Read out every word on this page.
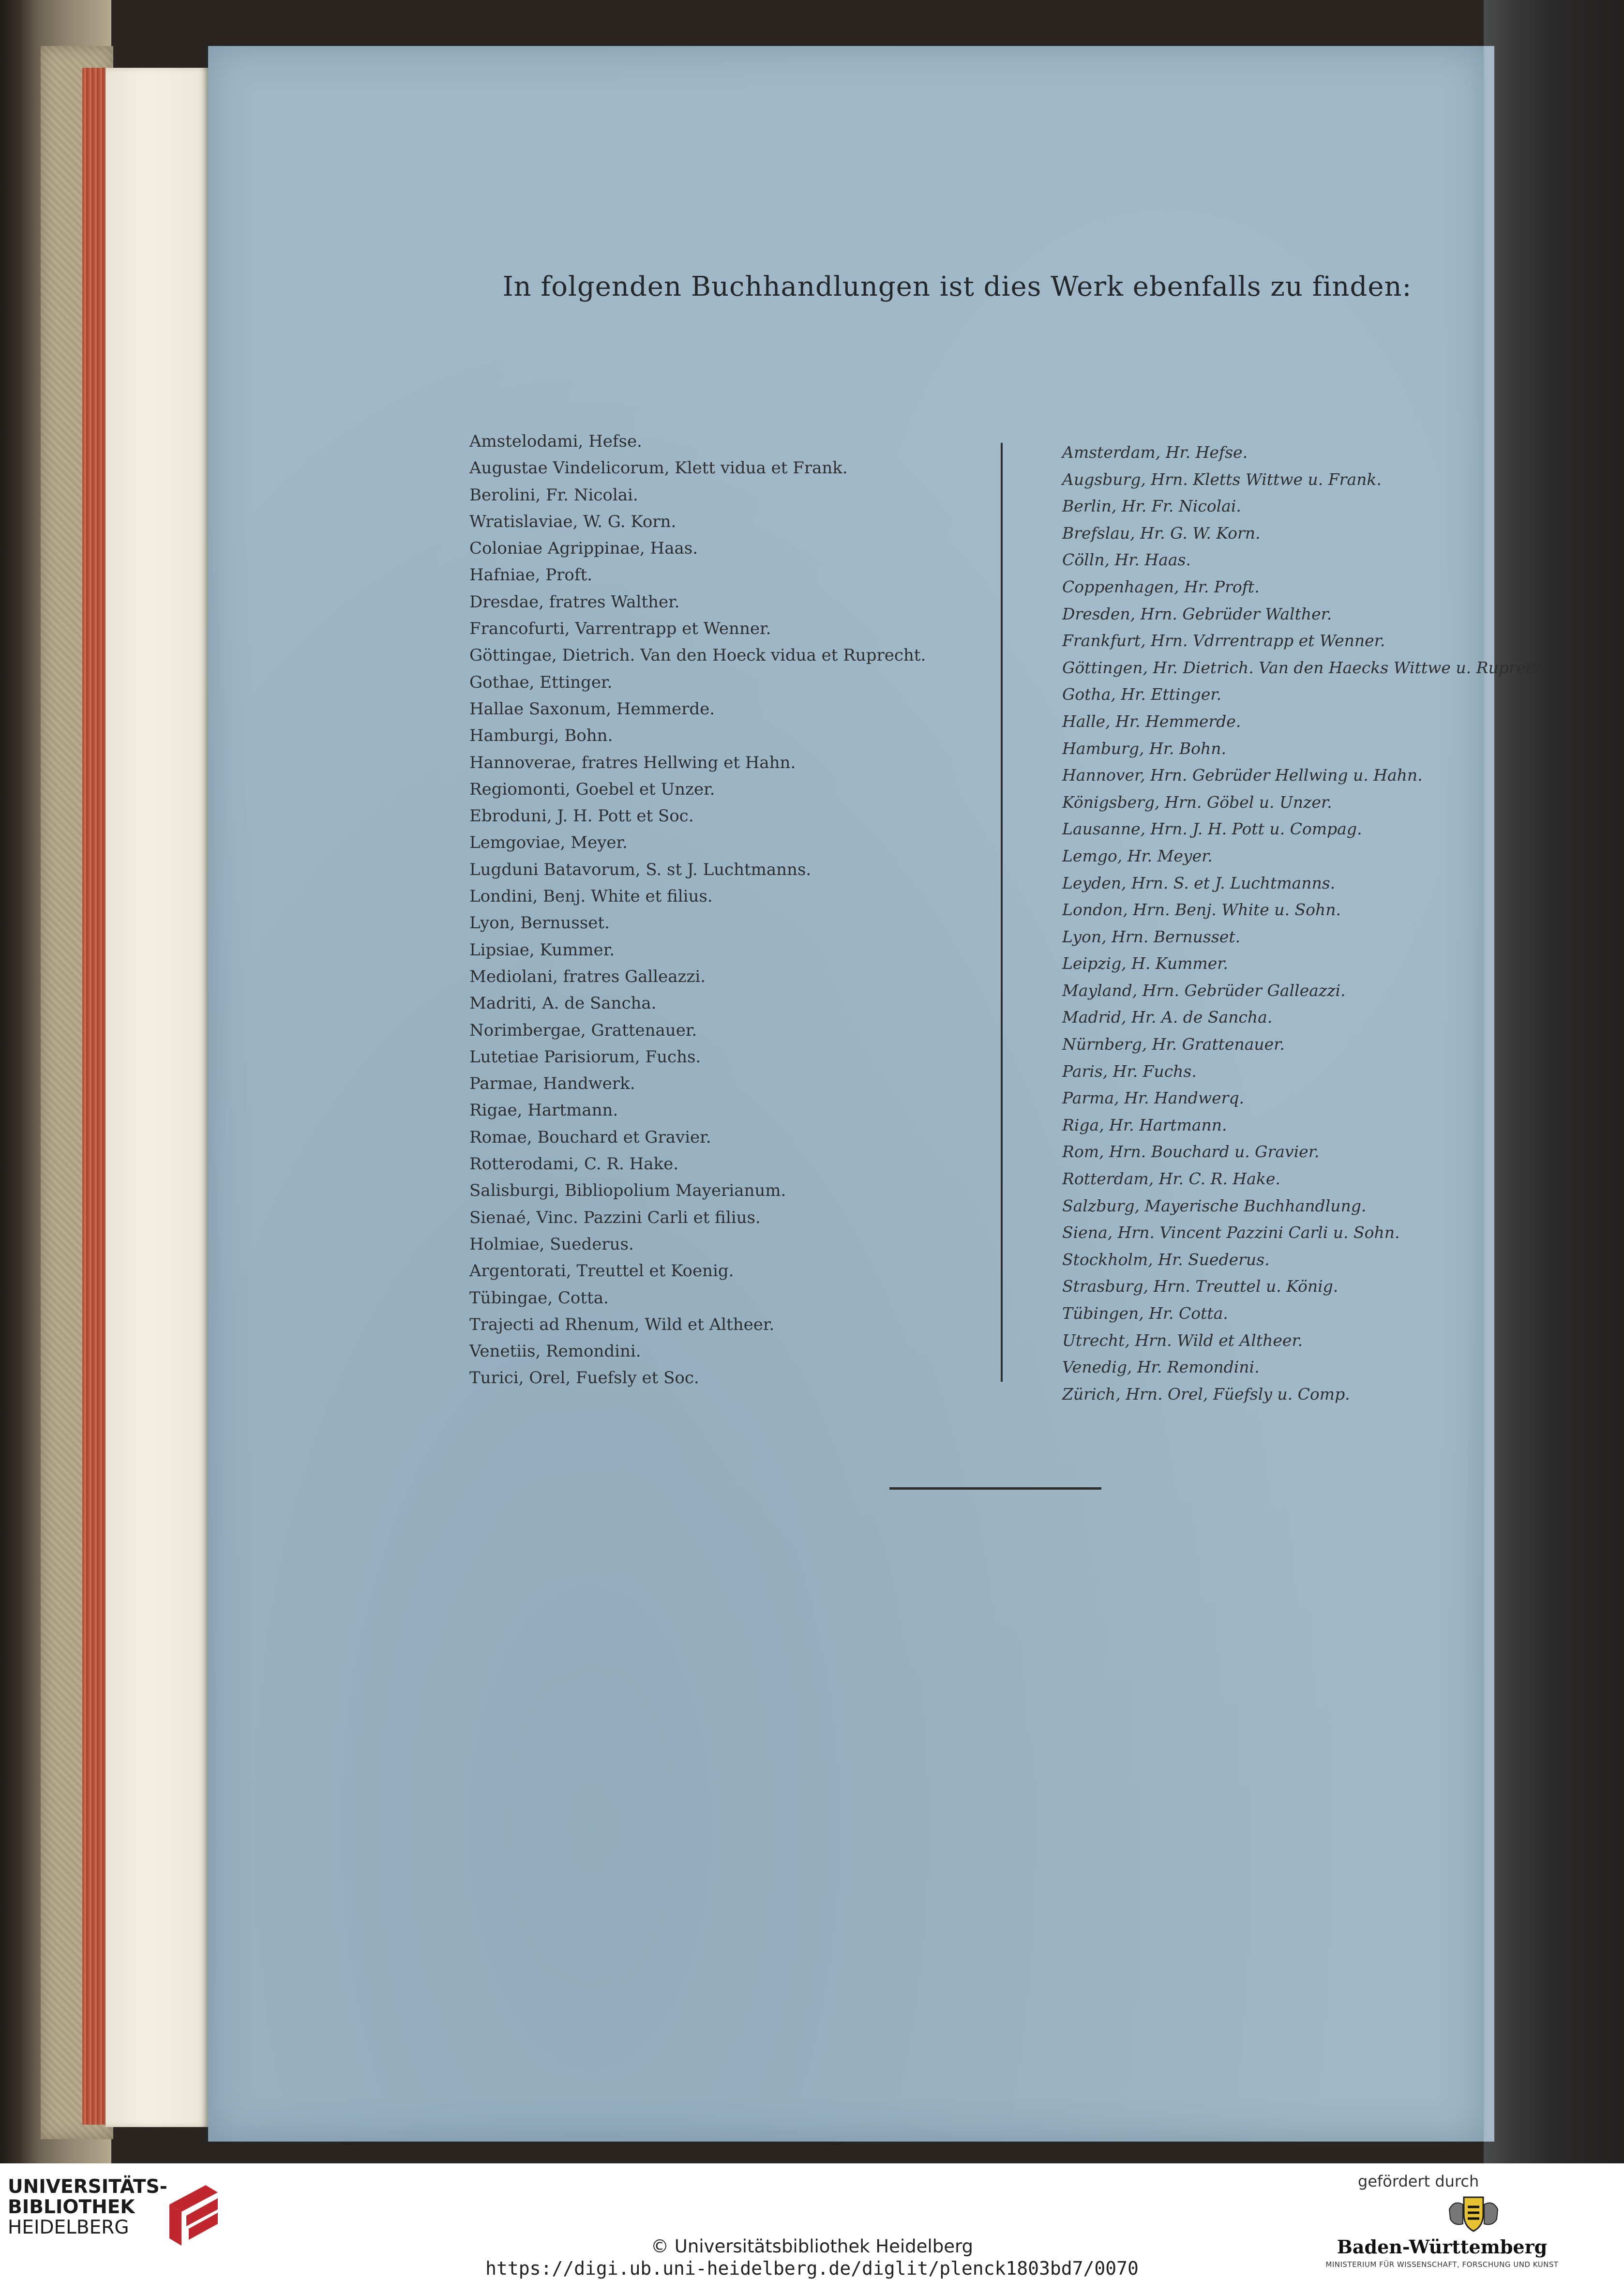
In folgenden Buchhandlungen ist dies Werk ebenfalls zu finden:
Amstelodami, Hefse.
Augustae Vindelicorum, Klett vidua et Frank.
Berolini, Fr. Nicolai.
Wratislaviae, W. G. Korn.
Coloniae Agrippinae, Haas.
Hafniae, Proft.
Dresdae, fratres Walther.
Francofurti, Varrentrapp et Wenner.
Göttingae, Dietrich. Van den Hoeck vidua et Ruprecht.
Gothae, Ettinger.
Hallae Saxonum, Hemmerde.
Hamburgi, Bohn.
Hannoverae, fratres Hellwing et Hahn.
Regiomonti, Goebel et Unzer.
Ebroduni, J. H. Pott et Soc.
Lemgoviae, Meyer.
Lugduni Batavorum, S. st J. Luchtmanns.
Londini, Benj. White et filius.
Lyon, Bernusset.
Lipsiae, Kummer.
Mediolani, fratres Galleazzi.
Madriti, A. de Sancha.
Norimbergae, Grattenauer.
Lutetiae Parisiorum, Fuchs.
Parmae, Handwerk.
Rigae, Hartmann.
Romae, Bouchard et Gravier.
Rotterodami, C. R. Hake.
Salisburgi, Bibliopolium Mayerianum.
Sienaé, Vinc. Pazzini Carli et filius.
Holmiae, Suederus.
Argentorati, Treuttel et Koenig.
Tübingae, Cotta.
Trajecti ad Rhenum, Wild et Altheer.
Venetiis, Remondini.
Turici, Orel, Fuefsly et Soc.
Amsterdam, Hr. Hefse.
Augsburg, Hrn. Kletts Wittwe u. Frank.
Berlin, Hr. Fr. Nicolai.
Brefslau, Hr. G. W. Korn.
Cölln, Hr. Haas.
Coppenhagen, Hr. Proft.
Dresden, Hrn. Gebrüder Walther.
Frankfurt, Hrn. Vdrrentrapp et Wenner.
Göttingen, Hr. Dietrich. Van den Haecks Wittwe u. Ruprecht.
Gotha, Hr. Ettinger.
Halle, Hr. Hemmerde.
Hamburg, Hr. Bohn.
Hannover, Hrn. Gebrüder Hellwing u. Hahn.
Königsberg, Hrn. Göbel u. Unzer.
Lausanne, Hrn. J. H. Pott u. Compag.
Lemgo, Hr. Meyer.
Leyden, Hrn. S. et J. Luchtmanns.
London, Hrn. Benj. White u. Sohn.
Lyon, Hrn. Bernusset.
Leipzig, H. Kummer.
Mayland, Hrn. Gebrüder Galleazzi.
Madrid, Hr. A. de Sancha.
Nürnberg, Hr. Grattenauer.
Paris, Hr. Fuchs.
Parma, Hr. Handwerq.
Riga, Hr. Hartmann.
Rom, Hrn. Bouchard u. Gravier.
Rotterdam, Hr. C. R. Hake.
Salzburg, Mayerische Buchhandlung.
Siena, Hrn. Vincent Pazzini Carli u. Sohn.
Stockholm, Hr. Suederus.
Strasburg, Hrn. Treuttel u. König.
Tübingen, Hr. Cotta.
Utrecht, Hrn. Wild et Altheer.
Venedig, Hr. Remondini.
Zürich, Hrn. Orel, Füefsly u. Comp.
UNIVERSITÄTS-
BIBLIOTHEK
HEIDELBERG
© Universitätsbibliothek Heidelberg
https://digi.ub.uni-heidelberg.de/diglit/plenck1803bd7/0070
gefördert durch
Baden-Württemberg
MINISTERIUM FÜR WISSENSCHAFT, FORSCHUNG UND KUNST
